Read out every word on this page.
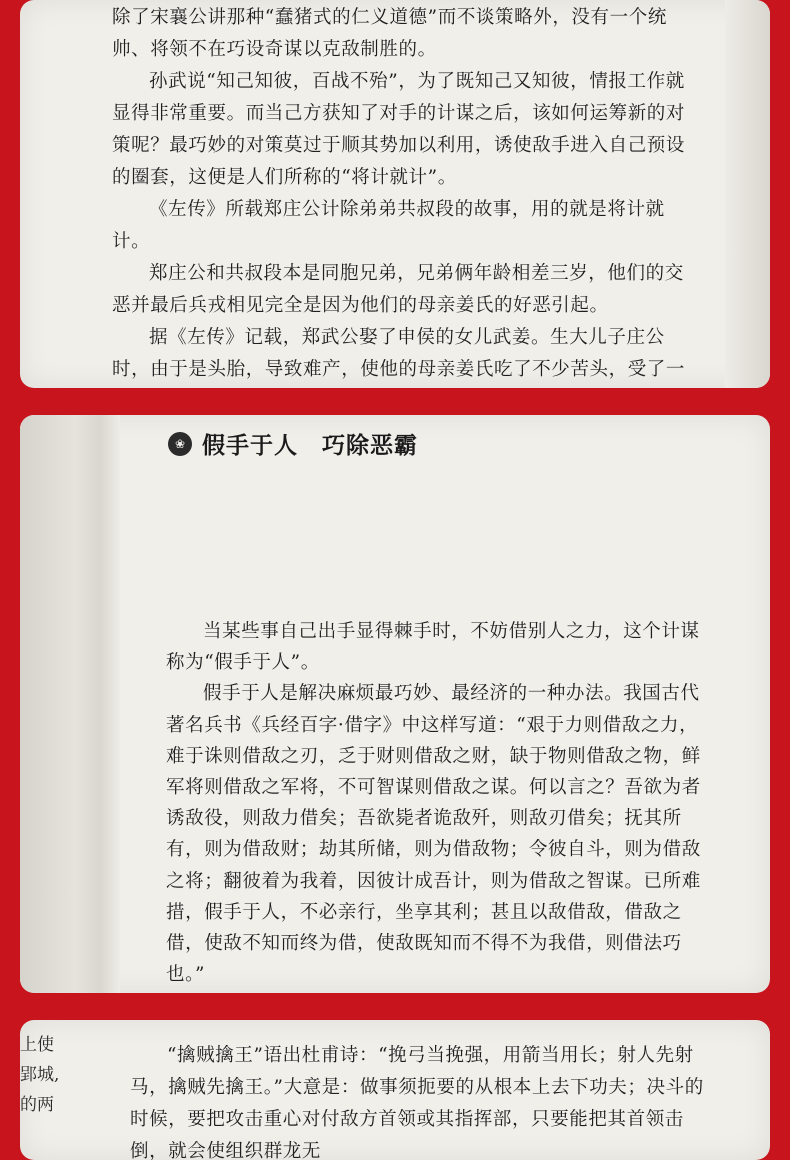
除了宋襄公讲那种“蠢猪式的仁义道德”而不谈策略外，没有一个统帅、将领不在巧设奇谋以克敌制胜的。

孙武说“知己知彼，百战不殆”，为了既知己又知彼，情报工作就显得非常重要。而当己方获知了对手的计谋之后，该如何运筹新的对策呢？最巧妙的对策莫过于顺其势加以利用，诱使敌手进入自己预设的圈套，这便是人们所称的“将计就计”。

《左传》所载郑庄公计除弟弟共叔段的故事，用的就是将计就计。

郑庄公和共叔段本是同胞兄弟，兄弟俩年龄相差三岁，他们的交恶并最后兵戎相见完全是因为他们的母亲姜氏的好恶引起。

据《左传》记载，郑武公娶了申侯的女儿武姜。生大儿子庄公时，由于是头胎，导致难产，使他的母亲姜氏吃了不少苦头，受了一

❀ 假手于人　巧除恶霸

当某些事自己出手显得棘手时，不妨借别人之力，这个计谋称为“假手于人”。

假手于人是解决麻烦最巧妙、最经济的一种办法。我国古代著名兵书《兵经百字·借字》中这样写道：“艰于力则借敌之力，难于诛则借敌之刃，乏于财则借敌之财，缺于物则借敌之物，鲜军将则借敌之军将，不可智谋则借敌之谋。何以言之？吾欲为者诱敌役，则敌力借矣；吾欲毙者诡敌歼，则敌刃借矣；抚其所有，则为借敌财；劫其所储，则为借敌物；令彼自斗，则为借敌之将；翻彼着为我着，因彼计成吾计，则为借敌之智谋。已所难措，假手于人，不必亲行，坐享其利；甚且以敌借敌，借敌之借，使敌不知而终为借，使敌既知而不得不为我借，则借法巧也。”

上使
郢城,
的两

“擒贼擒王”语出杜甫诗：“挽弓当挽强，用箭当用长；射人先射马，擒贼先擒王。”大意是：做事须扼要的从根本上去下功夫；决斗的时候，要把攻击重心对付敌方首领或其指挥部，只要能把其首领击倒，就会使组织群龙无
